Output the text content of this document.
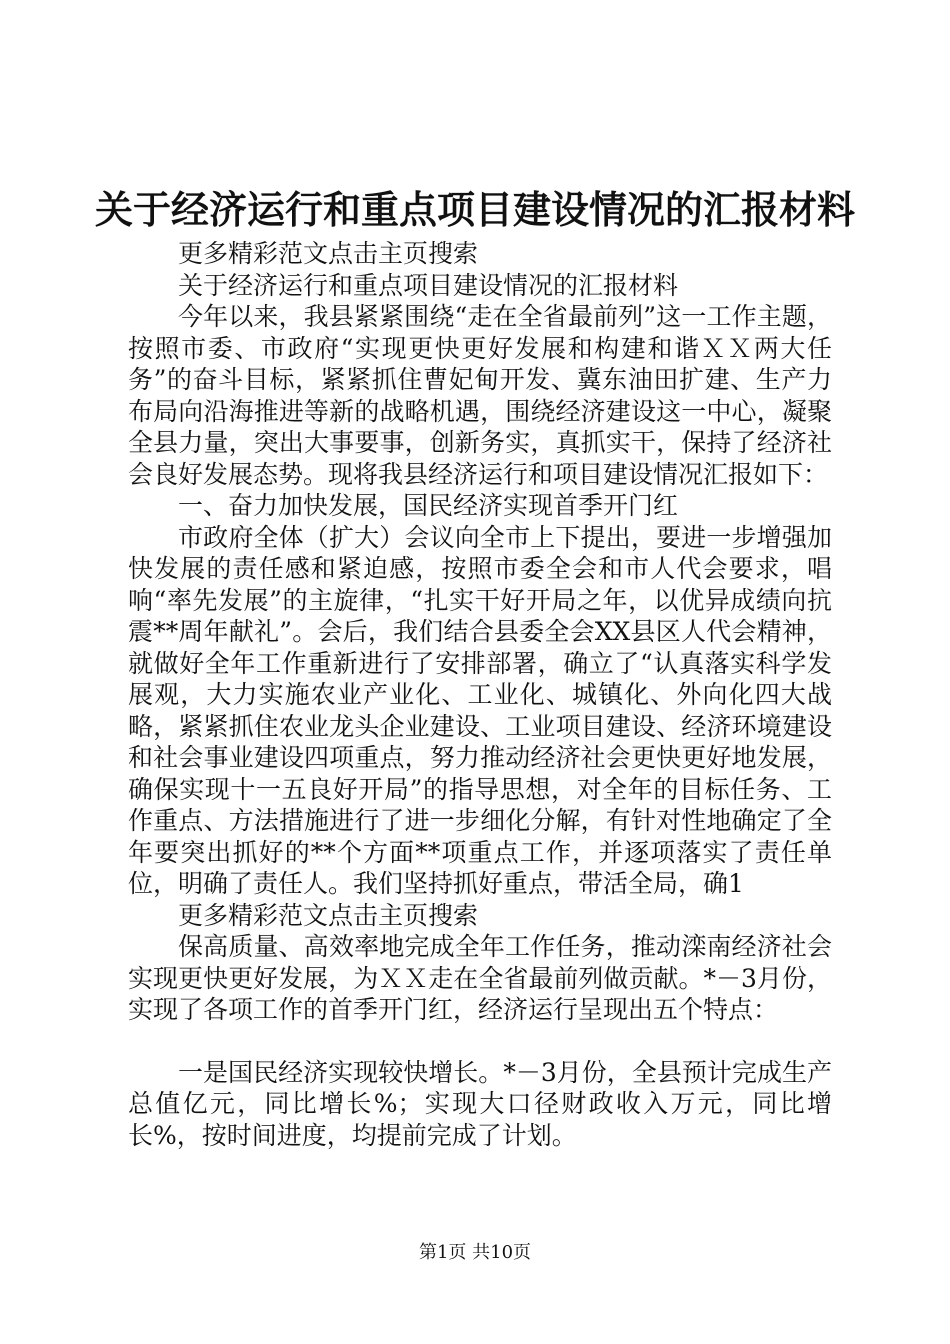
关于经济运行和重点项目建设情况的汇报材料

更多精彩范文点击主页搜索

关于经济运行和重点项目建设情况的汇报材料

今年以来，我县紧紧围绕“走在全省最前列”这一工作主题，按照市委、市政府“实现更快更好发展和构建和谐ＸＸ两大任务”的奋斗目标，紧紧抓住曹妃甸开发、冀东油田扩建、生产力布局向沿海推进等新的战略机遇，围绕经济建设这一中心，凝聚全县力量，突出大事要事，创新务实，真抓实干，保持了经济社会良好发展态势。现将我县经济运行和项目建设情况汇报如下：

一、奋力加快发展，国民经济实现首季开门红

市政府全体（扩大）会议向全市上下提出，要进一步增强加快发展的责任感和紧迫感，按照市委全会和市人代会要求，唱响“率先发展”的主旋律，“扎实干好开局之年，以优异成绩向抗震**周年献礼”。会后，我们结合县委全会XX县区人代会精神，就做好全年工作重新进行了安排部署，确立了“认真落实科学发展观，大力实施农业产业化、工业化、城镇化、外向化四大战略，紧紧抓住农业龙头企业建设、工业项目建设、经济环境建设和社会事业建设四项重点，努力推动经济社会更快更好地发展，确保实现十一五良好开局”的指导思想，对全年的目标任务、工作重点、方法措施进行了进一步细化分解，有针对性地确定了全年要突出抓好的**个方面**项重点工作，并逐项落实了责任单位，明确了责任人。我们坚持抓好重点，带活全局，确1

更多精彩范文点击主页搜索

保高质量、高效率地完成全年工作任务，推动滦南经济社会实现更快更好发展，为ＸＸ走在全省最前列做贡献。*－3月份，实现了各项工作的首季开门红，经济运行呈现出五个特点：

一是国民经济实现较快增长。*－3月份，全县预计完成生产总值亿元，同比增长%；实现大口径财政收入万元，同比增长%，按时间进度，均提前完成了计划。

第1页 共10页
